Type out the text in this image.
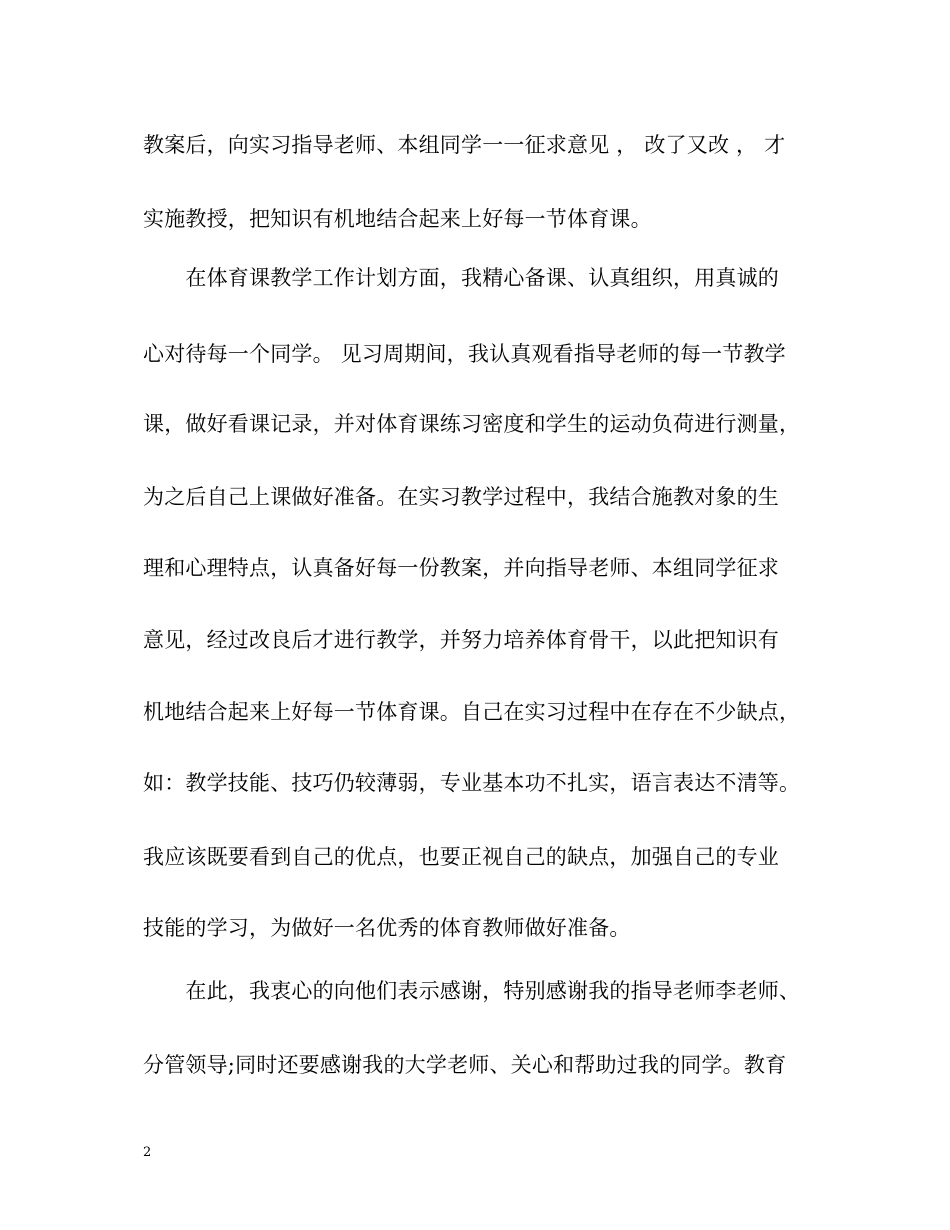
教案后，向实习指导老师、本组同学一一征求意见 ， 改了又改 ， 才
实施教授，把知识有机地结合起来上好每一节体育课。
　　在体育课教学工作计划方面，我精心备课、认真组织，用真诚的
心对待每一个同学。 见习周期间，我认真观看指导老师的每一节教学
课，做好看课记录，并对体育课练习密度和学生的运动负荷进行测量，
为之后自己上课做好准备。在实习教学过程中，我结合施教对象的生
理和心理特点，认真备好每一份教案，并向指导老师、本组同学征求
意见，经过改良后才进行教学，并努力培养体育骨干，以此把知识有
机地结合起来上好每一节体育课。自己在实习过程中在存在不少缺点，
如：教学技能、技巧仍较薄弱，专业基本功不扎实，语言表达不清等。
我应该既要看到自己的优点，也要正视自己的缺点，加强自己的专业
技能的学习，为做好一名优秀的体育教师做好准备。
　　在此，我衷心的向他们表示感谢，特别感谢我的指导老师李老师、
分管领导;同时还要感谢我的大学老师、关心和帮助过我的同学。教育
2
